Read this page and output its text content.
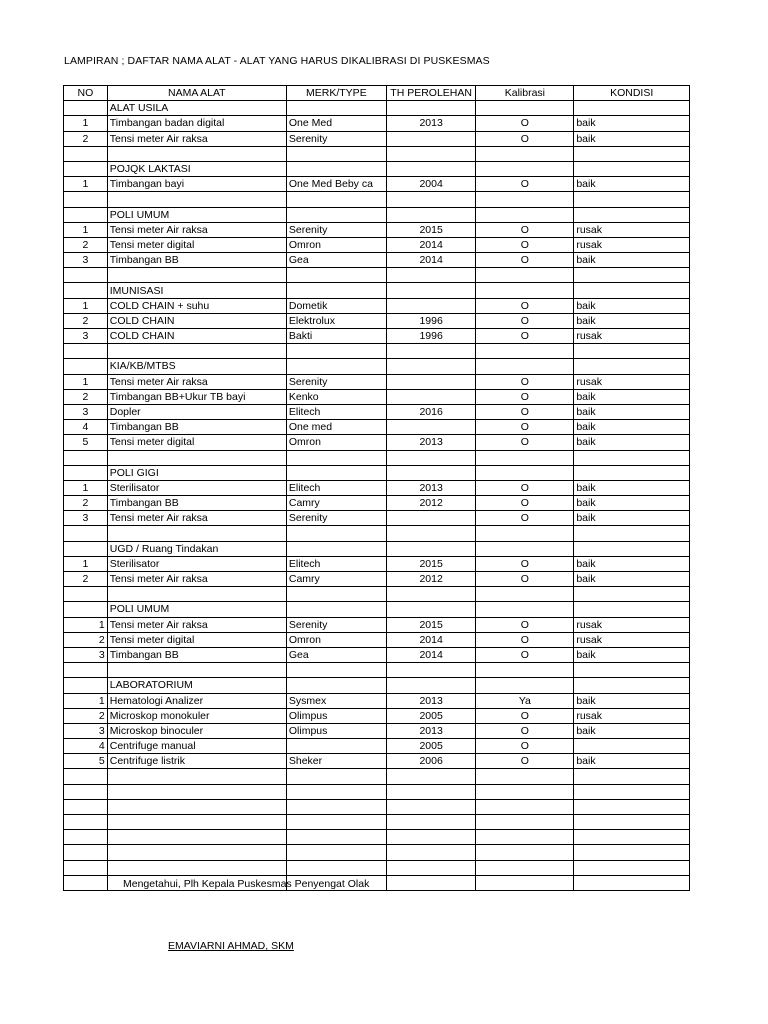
LAMPIRAN ; DAFTAR NAMA ALAT - ALAT YANG HARUS DIKALIBRASI DI PUSKESMAS
NO	NAMA ALAT	MERK/TYPE	TH PEROLEHAN	Kalibrasi	KONDISI
	ALAT USILA				
1	Timbangan badan digital	One Med	2013	O	baik
2	Tensi meter Air raksa	Serenity		O	baik

	POJQK LAKTASI				
1	Timbangan bayi	One Med Beby ca	2004	O	baik

	POLI UMUM				
1	Tensi meter Air raksa	Serenity	2015	O	rusak
2	Tensi meter digital	Omron	2014	O	rusak
3	Timbangan BB	Gea	2014	O	baik

	IMUNISASI				
1	COLD CHAIN + suhu	Dometik		O	baik
2	COLD CHAIN	Elektrolux	1996	O	baik
3	COLD CHAIN	Bakti	1996	O	rusak

	KIA/KB/MTBS				
1	Tensi meter Air raksa	Serenity		O	rusak
2	Timbangan BB+Ukur TB bayi	Kenko		O	baik
3	Dopler	Elitech	2016	O	baik
4	Timbangan BB	One med		O	baik
5	Tensi meter digital	Omron	2013	O	baik

	POLI GIGI				
1	Sterilisator	Elitech	2013	O	baik
2	Timbangan BB	Camry	2012	O	baik
3	Tensi meter Air raksa	Serenity		O	baik

	UGD / Ruang Tindakan				
1	Sterilisator	Elitech	2015	O	baik
2	Tensi meter Air raksa	Camry	2012	O	baik

	POLI UMUM				
1	Tensi meter Air raksa	Serenity	2015	O	rusak
2	Tensi meter digital	Omron	2014	O	rusak
3	Timbangan BB	Gea	2014	O	baik

	LABORATORIUM				
1	Hematologi Analizer	Sysmex	2013	Ya	baik
2	Microskop monokuler	Olimpus	2005	O	rusak
3	Microskop binoculer	Olimpus	2013	O	baik
4	Centrifuge manual		2005	O	
5	Centrifuge listrik	Sheker	2006	O	baik

Mengetahui, Plh Kepala Puskesmas Penyengat Olak
EMAVIARNI AHMAD, SKM
